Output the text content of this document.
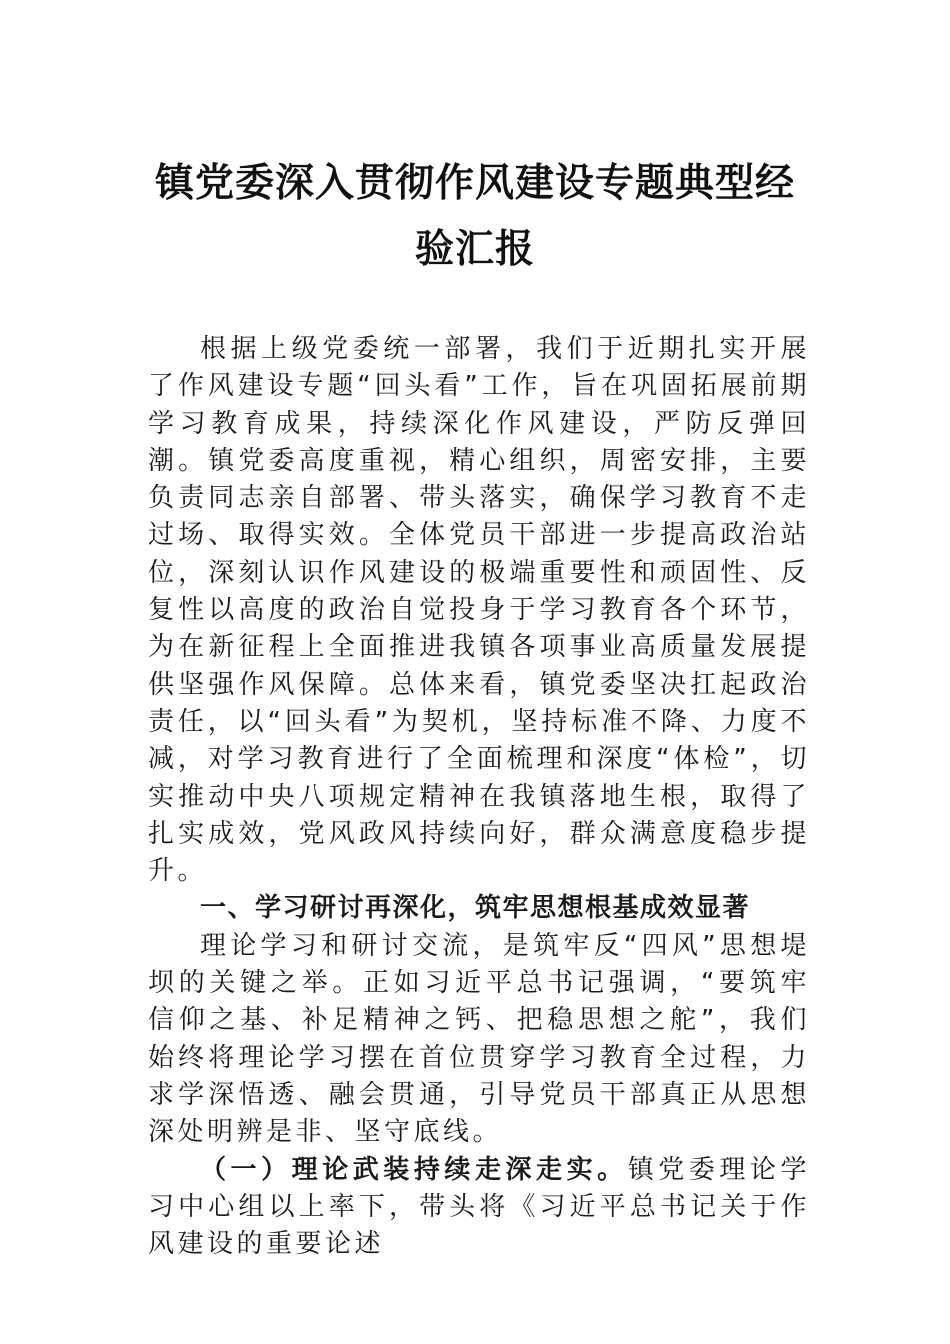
镇党委深入贯彻作风建设专题典型经验汇报

根据上级党委统一部署，我们于近期扎实开展了作风建设专题“回头看”工作，旨在巩固拓展前期学习教育成果，持续深化作风建设，严防反弹回潮。镇党委高度重视，精心组织，周密安排，主要负责同志亲自部署、带头落实，确保学习教育不走过场、取得实效。全体党员干部进一步提高政治站位，深刻认识作风建设的极端重要性和顽固性、反复性以高度的政治自觉投身于学习教育各个环节，为在新征程上全面推进我镇各项事业高质量发展提供坚强作风保障。总体来看，镇党委坚决扛起政治责任，以“回头看”为契机，坚持标准不降、力度不减，对学习教育进行了全面梳理和深度“体检”，切实推动中央八项规定精神在我镇落地生根，取得了扎实成效，党风政风持续向好，群众满意度稳步提升。

一、学习研讨再深化，筑牢思想根基成效显著

理论学习和研讨交流，是筑牢反“四风”思想堤坝的关键之举。正如习近平总书记强调，“要筑牢信仰之基、补足精神之钙、把稳思想之舵”，我们始终将理论学习摆在首位贯穿学习教育全过程，力求学深悟透、融会贯通，引导党员干部真正从思想深处明辨是非、坚守底线。

（一）理论武装持续走深走实。镇党委理论学习中心组以上率下，带头将《习近平总书记关于作风建设的重要论述
